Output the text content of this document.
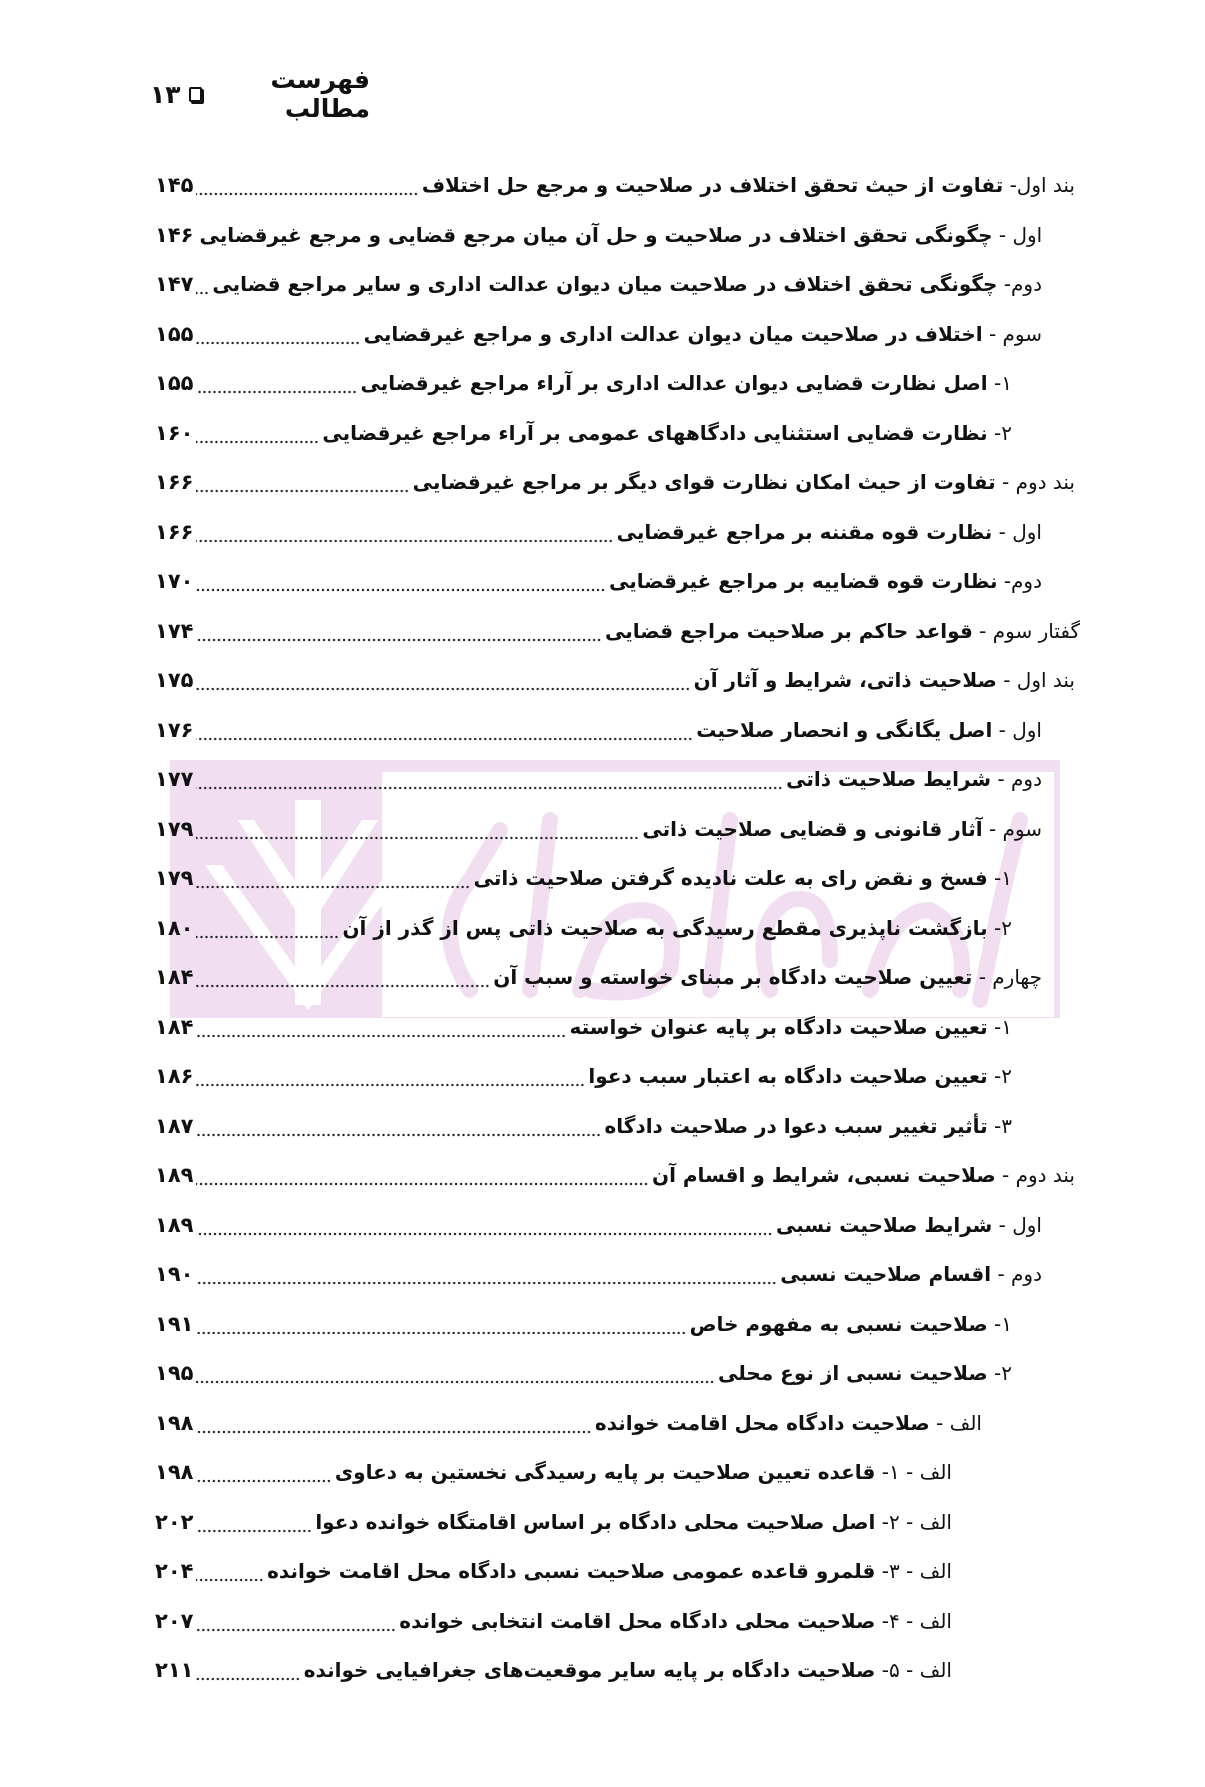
فهرست مطالب
۱۳
۱۴۵	بند اول- تفاوت از حیث تحقق اختلاف در صلاحیت و مرجع حل اختلاف
۱۴۶	اول - چگونگی تحقق اختلاف در صلاحیت و حل آن میان مرجع قضایی و مرجع غیرقضایی
۱۴۷	دوم- چگونگی تحقق اختلاف در صلاحیت میان دیوان عدالت اداری و سایر مراجع قضایی
۱۵۵	سوم - اختلاف در صلاحیت میان دیوان عدالت اداری و مراجع غیرقضایی
۱۵۵	۱- اصل نظارت قضایی دیوان عدالت اداری بر آراء مراجع غیرقضایی
۱۶۰	۲- نظارت قضایی استثنایی دادگاههای عمومی بر آراء مراجع غیرقضایی
۱۶۶	بند دوم - تفاوت از حیث امکان نظارت قوای دیگر بر مراجع غیرقضایی
۱۶۶	اول - نظارت قوه مقننه بر مراجع غیرقضایی
۱۷۰	دوم- نظارت قوه قضاییه بر مراجع غیرقضایی
۱۷۴	گفتار سوم - قواعد حاکم بر صلاحیت مراجع قضایی
۱۷۵	بند اول - صلاحیت ذاتی، شرایط و آثار آن
۱۷۶	اول - اصل یگانگی و انحصار صلاحیت
۱۷۷	دوم - شرایط صلاحیت ذاتی
۱۷۹	سوم - آثار قانونی و قضایی صلاحیت ذاتی
۱۷۹	۱- فسخ و نقض رای به علت نادیده گرفتن صلاحیت ذاتی
۱۸۰	۲- بازگشت ناپذیری مقطع رسیدگی به صلاحیت ذاتی پس از گذر از آن
۱۸۴	چهارم - تعیین صلاحیت دادگاه بر مبنای خواسته و سبب آن
۱۸۴	۱- تعیین صلاحیت دادگاه بر پایه عنوان خواسته
۱۸۶	۲- تعیین صلاحیت دادگاه به اعتبار سبب دعوا
۱۸۷	۳- تأثیر تغییر سبب دعوا در صلاحیت دادگاه
۱۸۹	بند دوم - صلاحیت نسبی، شرایط و اقسام آن
۱۸۹	اول - شرایط صلاحیت نسبی
۱۹۰	دوم - اقسام صلاحیت نسبی
۱۹۱	۱- صلاحیت نسبی به مفهوم خاص
۱۹۵	۲- صلاحیت نسبی از نوع محلی
۱۹۸	الف - صلاحیت دادگاه محل اقامت خوانده
۱۹۸	الف - ۱- قاعده تعیین صلاحیت بر پایه رسیدگی نخستین به دعاوی
۲۰۲	الف - ۲- اصل صلاحیت محلی دادگاه بر اساس اقامتگاه خوانده دعوا
۲۰۴	الف - ۳- قلمرو قاعده عمومی صلاحیت نسبی دادگاه محل اقامت خوانده
۲۰۷	الف - ۴- صلاحیت محلی دادگاه محل اقامت انتخابی خوانده
۲۱۱	الف - ۵- صلاحیت دادگاه بر پایه سایر موقعیت‌های جغرافیایی خوانده
